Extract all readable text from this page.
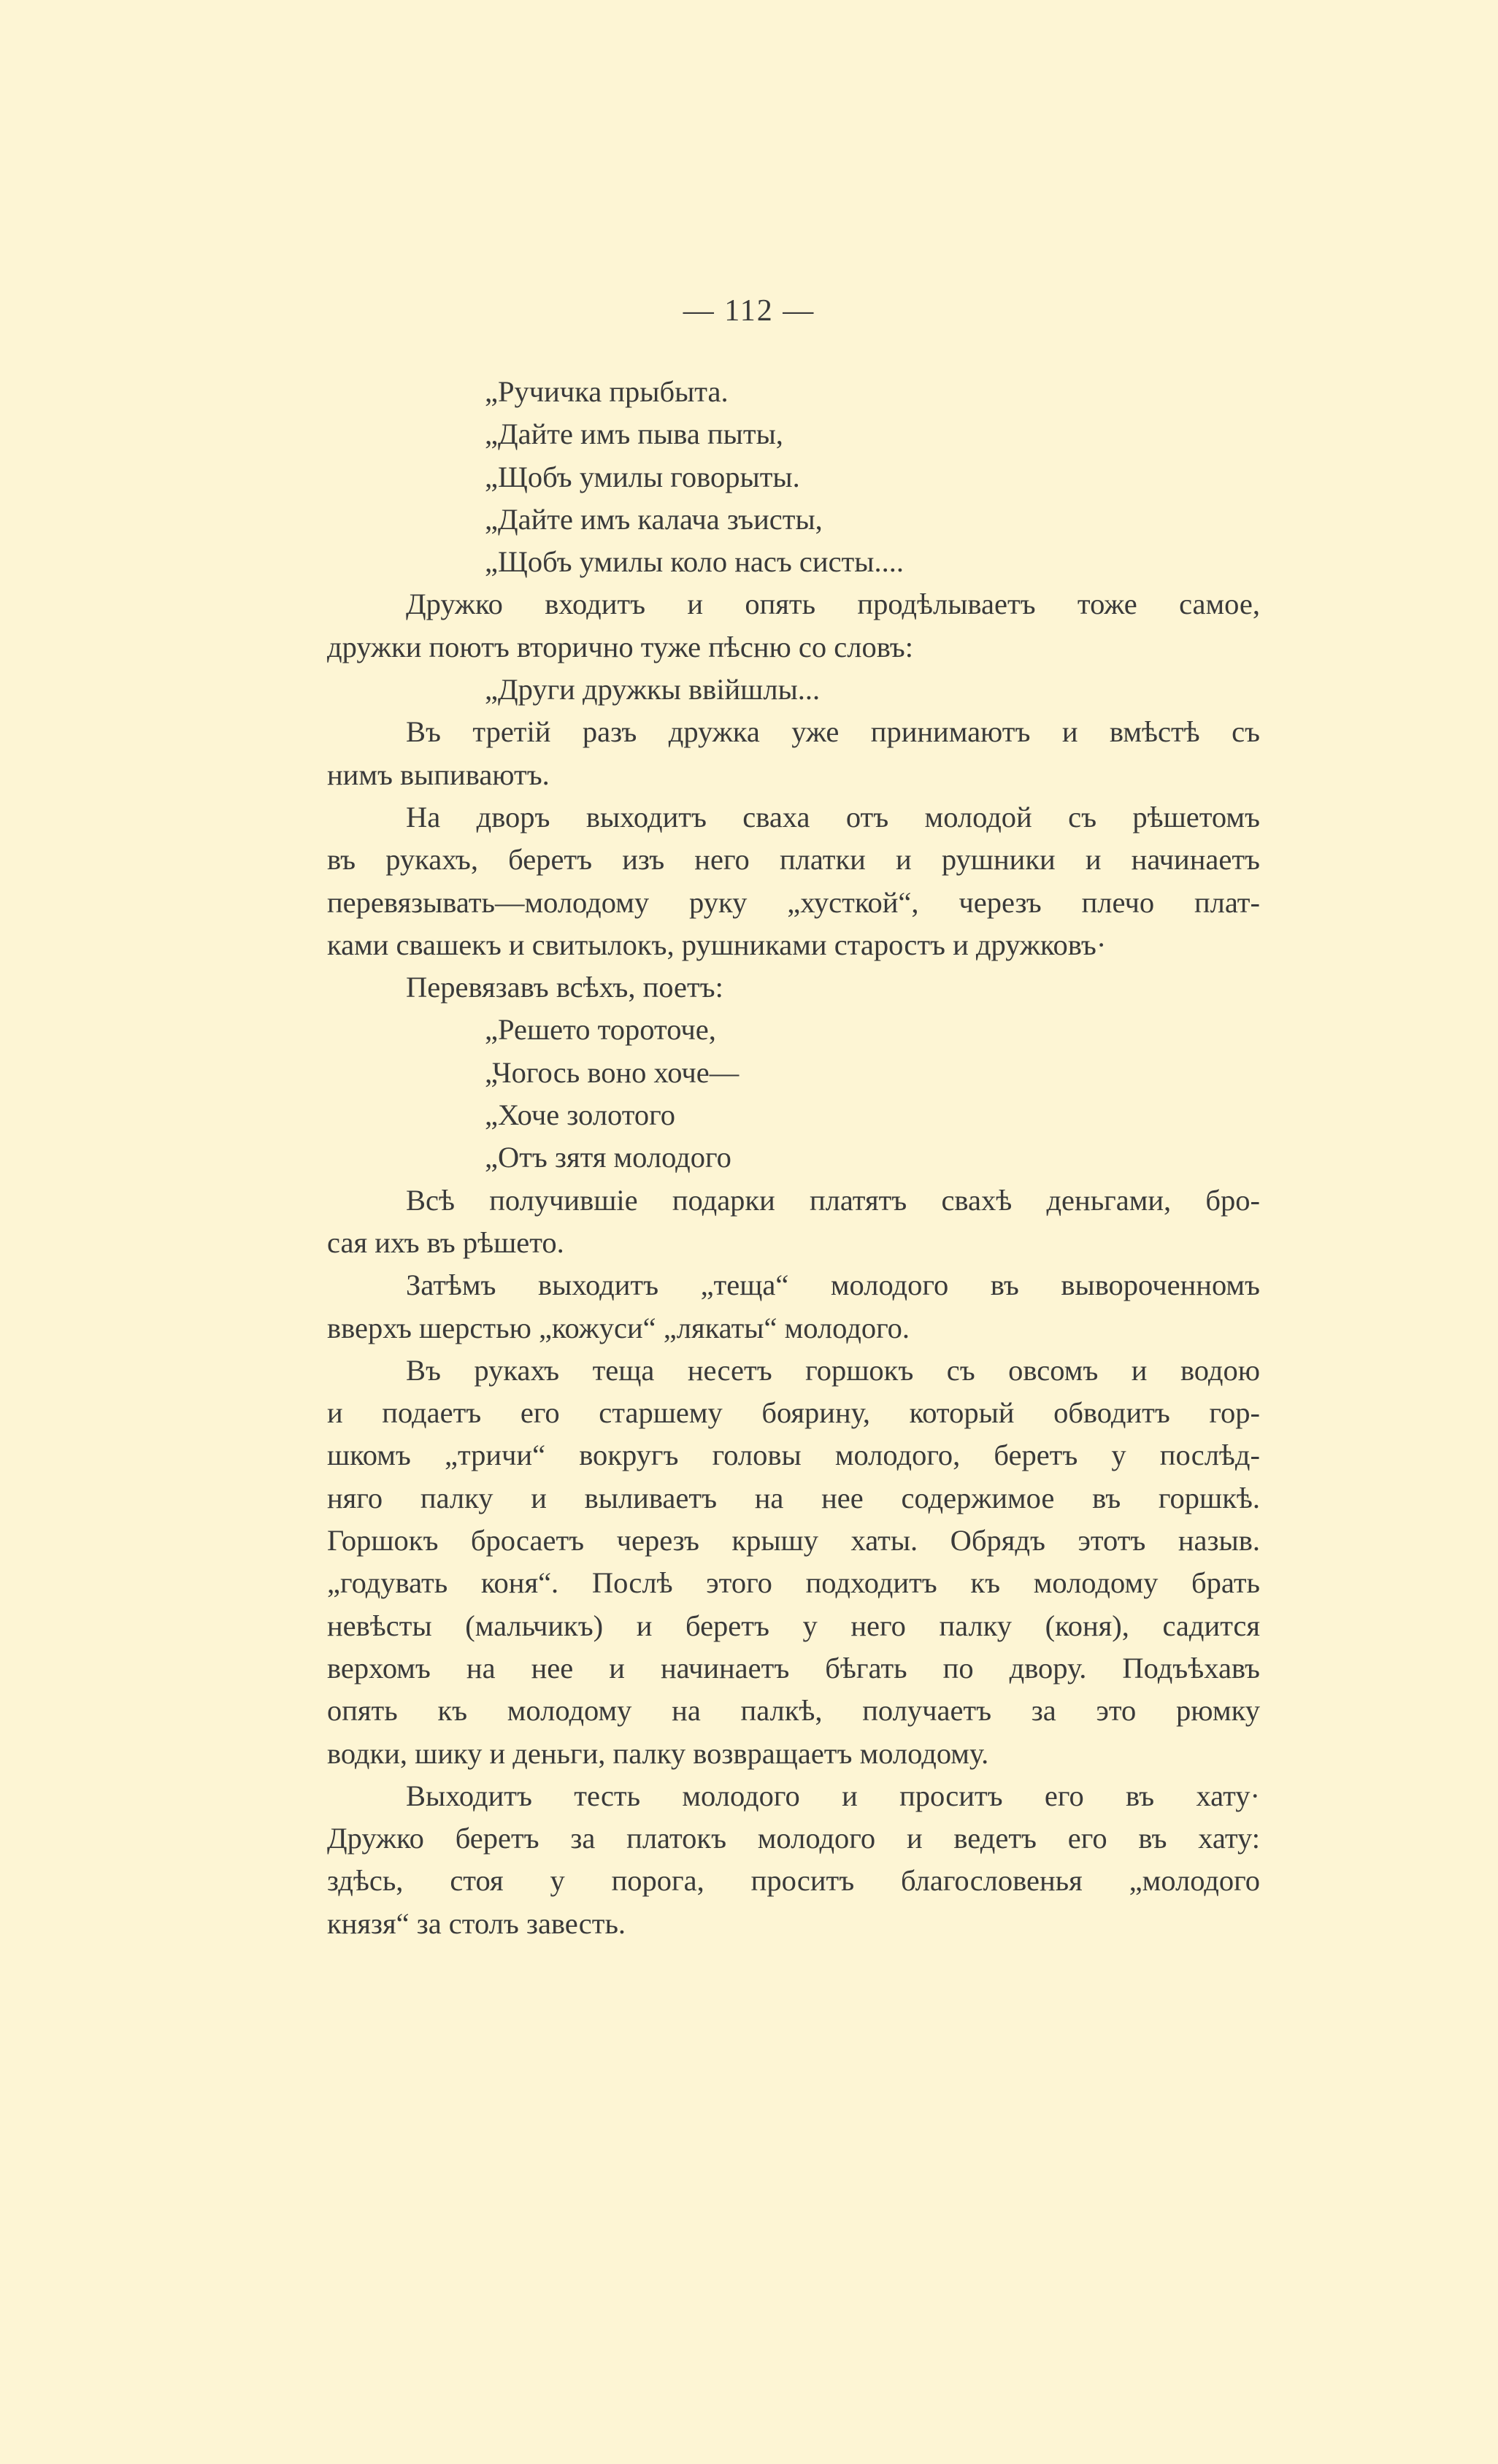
— 112 —
„Ручичка прыбыта.
„Дайте имъ пыва пыты,
„Щобъ умилы говорыты.
„Дайте имъ калача зъисты,
„Щобъ умилы коло насъ систы....
Дружко входитъ и опять продѣлываетъ тоже самое,
дружки поютъ вторично туже пѣсню со словъ:
„Други дружкы ввійшлы...
Въ третій разъ дружка уже принимаютъ и вмѣстѣ съ
нимъ выпиваютъ.
На дворъ выходитъ сваха отъ молодой съ рѣшетомъ
въ рукахъ, беретъ изъ него платки и рушники и начинаетъ
перевязывать—молодому руку „хусткой“, черезъ плечо плат-
ками свашекъ и свитылокъ, рушниками старостъ и дружковъ·
Перевязавъ всѣхъ, поетъ:
„Решето тороточе,
„Чогось воно хоче—
„Хоче золотого
„Отъ зятя молодого
Всѣ получившіе подарки платятъ свахѣ деньгами, бро-
сая ихъ въ рѣшето.
Затѣмъ выходитъ „теща“ молодого въ вывороченномъ
вверхъ шерстью „кожуси“ „лякаты“ молодого.
Въ рукахъ теща несетъ горшокъ съ овсомъ и водою
и подаетъ его старшему боярину, который обводитъ гор-
шкомъ „тричи“ вокругъ головы молодого, беретъ у послѣд-
няго палку и выливаетъ на нее содержимое въ горшкѣ.
Горшокъ бросаетъ черезъ крышу хаты. Обрядъ этотъ назыв.
„годувать коня“. Послѣ этого подходитъ къ молодому брать
невѣсты (мальчикъ) и беретъ у него палку (коня), садится
верхомъ на нее и начинаетъ бѣгать по двору. Подъѣхавъ
опять къ молодому на палкѣ, получаетъ за это рюмку
водки, шику и деньги, палку возвращаетъ молодому.
Выходитъ тесть молодого и проситъ его въ хату·
Дружко беретъ за платокъ молодого и ведетъ его въ хату:
здѣсь, стоя у порога, проситъ благословенья „молодого
князя“ за столъ завесть.
